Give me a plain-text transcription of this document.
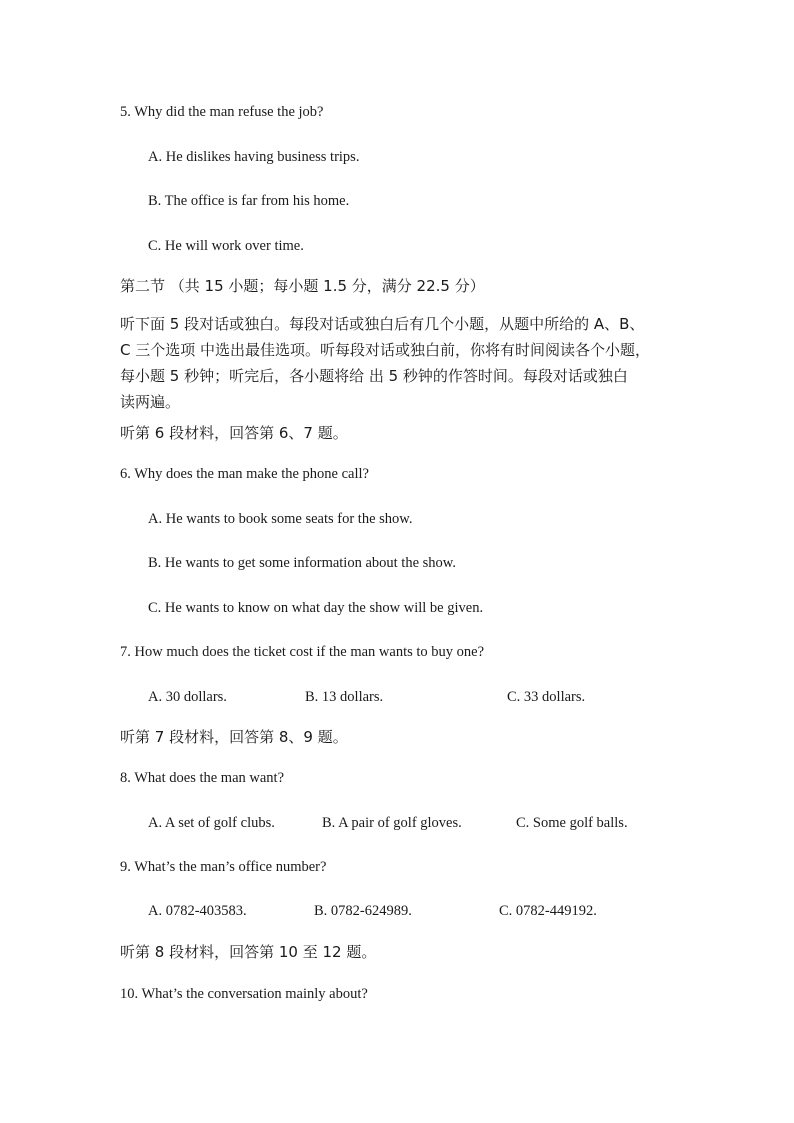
5. Why did the man refuse the job?
A. He dislikes having business trips.
B. The office is far from his home.
C. He will work over time.
第二节 （共 15 小题；每小题 1.5 分，满分 22.5 分）
听下面 5 段对话或独白。每段对话或独白后有几个小题，从题中所给的 A、B、
C 三个选项 中选出最佳选项。听每段对话或独白前，你将有时间阅读各个小题，
每小题 5 秒钟；听完后，各小题将给 出 5 秒钟的作答时间。每段对话或独白
读两遍。
听第 6 段材料，回答第 6、7 题。
6. Why does the man make the phone call?
A. He wants to book some seats for the show.
B. He wants to get some information about the show.
C. He wants to know on what day the show will be given.
7. How much does the ticket cost if the man wants to buy one?
A. 30 dollars.	B. 13 dollars.	C. 33 dollars.
听第 7 段材料，回答第 8、9 题。
8. What does the man want?
A. A set of golf clubs.	B. A pair of golf gloves.	C. Some golf balls.
9. What’s the man’s office number?
A. 0782-403583.	B. 0782-624989.	C. 0782-449192.
听第 8 段材料，回答第 10 至 12 题。
10. What’s the conversation mainly about?
